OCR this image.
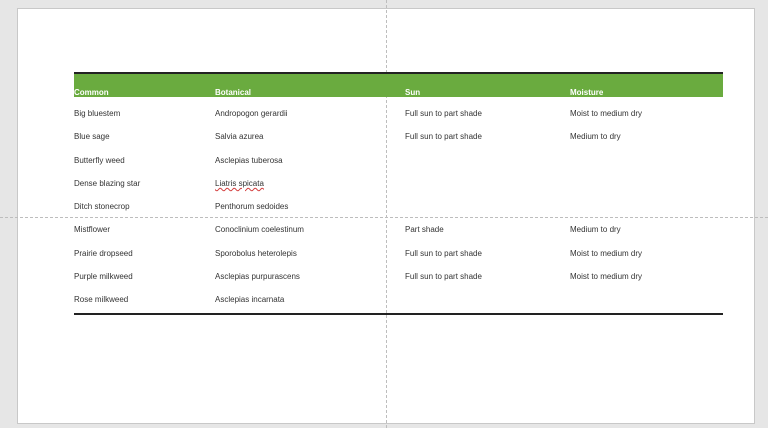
Common	Botanical	Sun	Moisture
Big bluestem	Andropogon gerardii	Full sun to part shade	Moist to medium dry
Blue sage	Salvia azurea	Full sun to part shade	Medium to dry
Butterfly weed	Asclepias tuberosa
Dense blazing star	Liatris spicata
Ditch stonecrop	Penthorum sedoides
Mistflower	Conoclinium coelestinum	Part shade	Medium to dry
Prairie dropseed	Sporobolus heterolepis	Full sun to part shade	Moist to medium dry
Purple milkweed	Asclepias purpurascens	Full sun to part shade	Moist to medium dry
Rose milkweed	Asclepias incarnata
